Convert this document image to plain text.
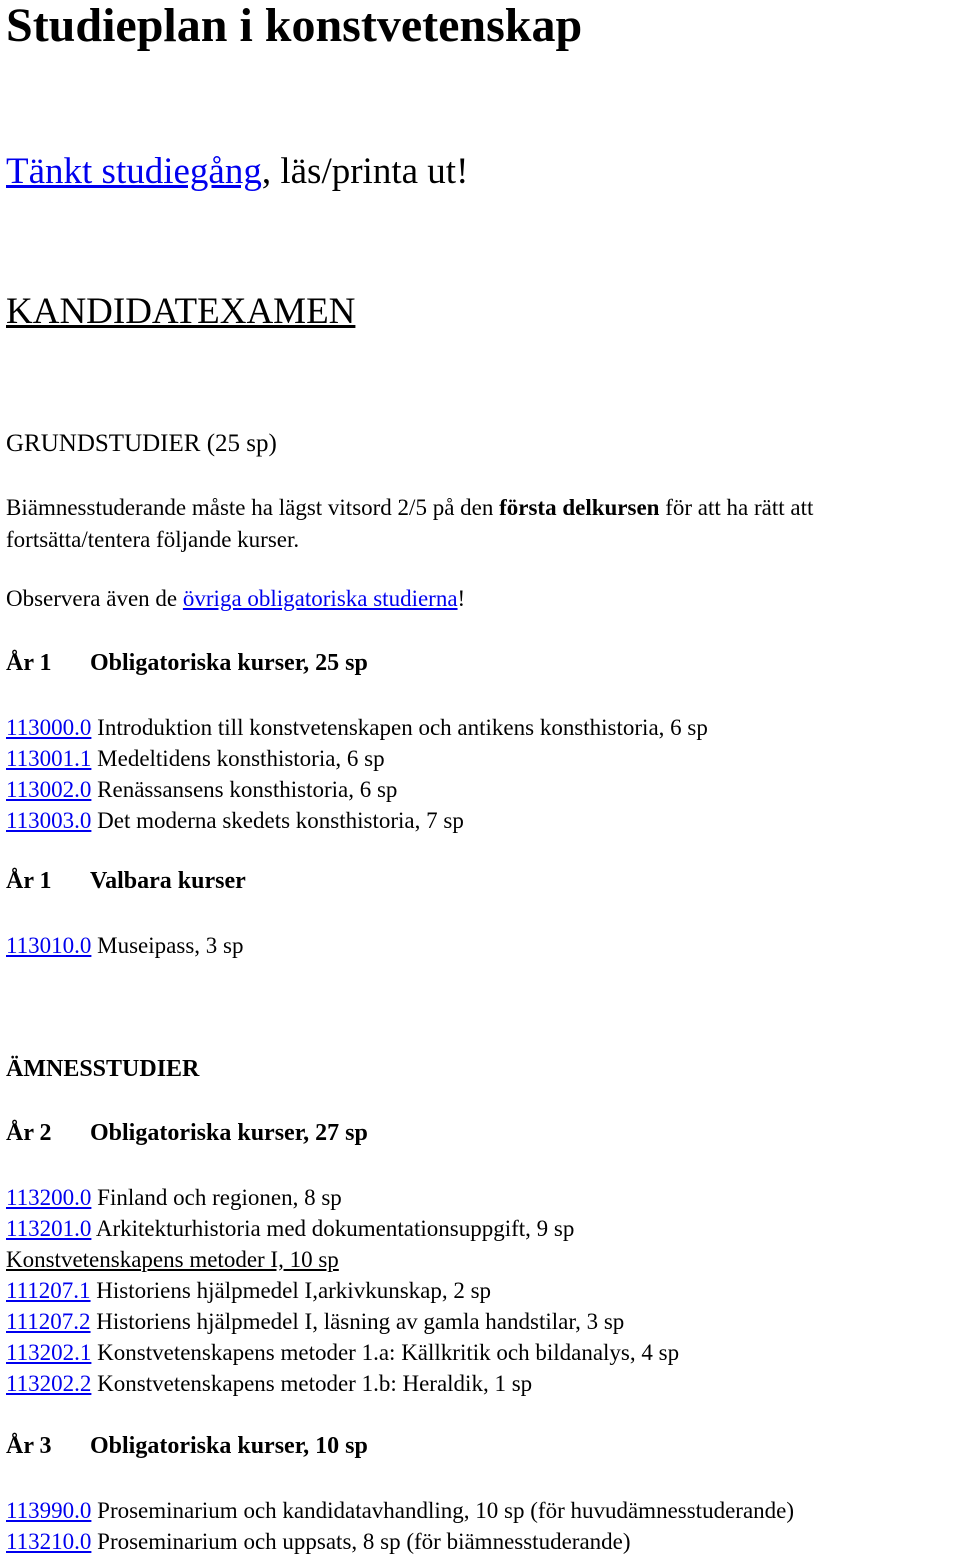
Studieplan i konstvetenskap
Tänkt studiegång, läs/printa ut!
KANDIDATEXAMEN
GRUNDSTUDIER (25 sp)

Biämnesstuderande måste ha lägst vitsord 2/5 på den första delkursen för att ha rätt att fortsätta/tentera följande kurser.

Observera även de övriga obligatoriska studierna!
År 1 Obligatoriska kurser, 25 sp
113000.0 Introduktion till konstvetenskapen och antikens konsthistoria, 6 sp
113001.1 Medeltidens konsthistoria, 6 sp
113002.0 Renässansens konsthistoria, 6 sp
113003.0 Det moderna skedets konsthistoria, 7 sp
År 1 Valbara kurser
113010.0 Museipass, 3 sp
ÄMNESSTUDIER
År 2 Obligatoriska kurser, 27 sp
113200.0 Finland och regionen, 8 sp
113201.0 Arkitekturhistoria med dokumentationsuppgift, 9 sp
Konstvetenskapens metoder I, 10 sp
111207.1 Historiens hjälpmedel I,arkivkunskap, 2 sp
111207.2 Historiens hjälpmedel I, läsning av gamla handstilar, 3 sp
113202.1 Konstvetenskapens metoder 1.a: Källkritik och bildanalys, 4 sp
113202.2 Konstvetenskapens metoder 1.b: Heraldik, 1 sp
År 3 Obligatoriska kurser, 10 sp
113990.0 Proseminarium och kandidatavhandling, 10 sp (för huvudämnesstuderande)
113210.0 Proseminarium och uppsats, 8 sp (för biämnesstuderande)
